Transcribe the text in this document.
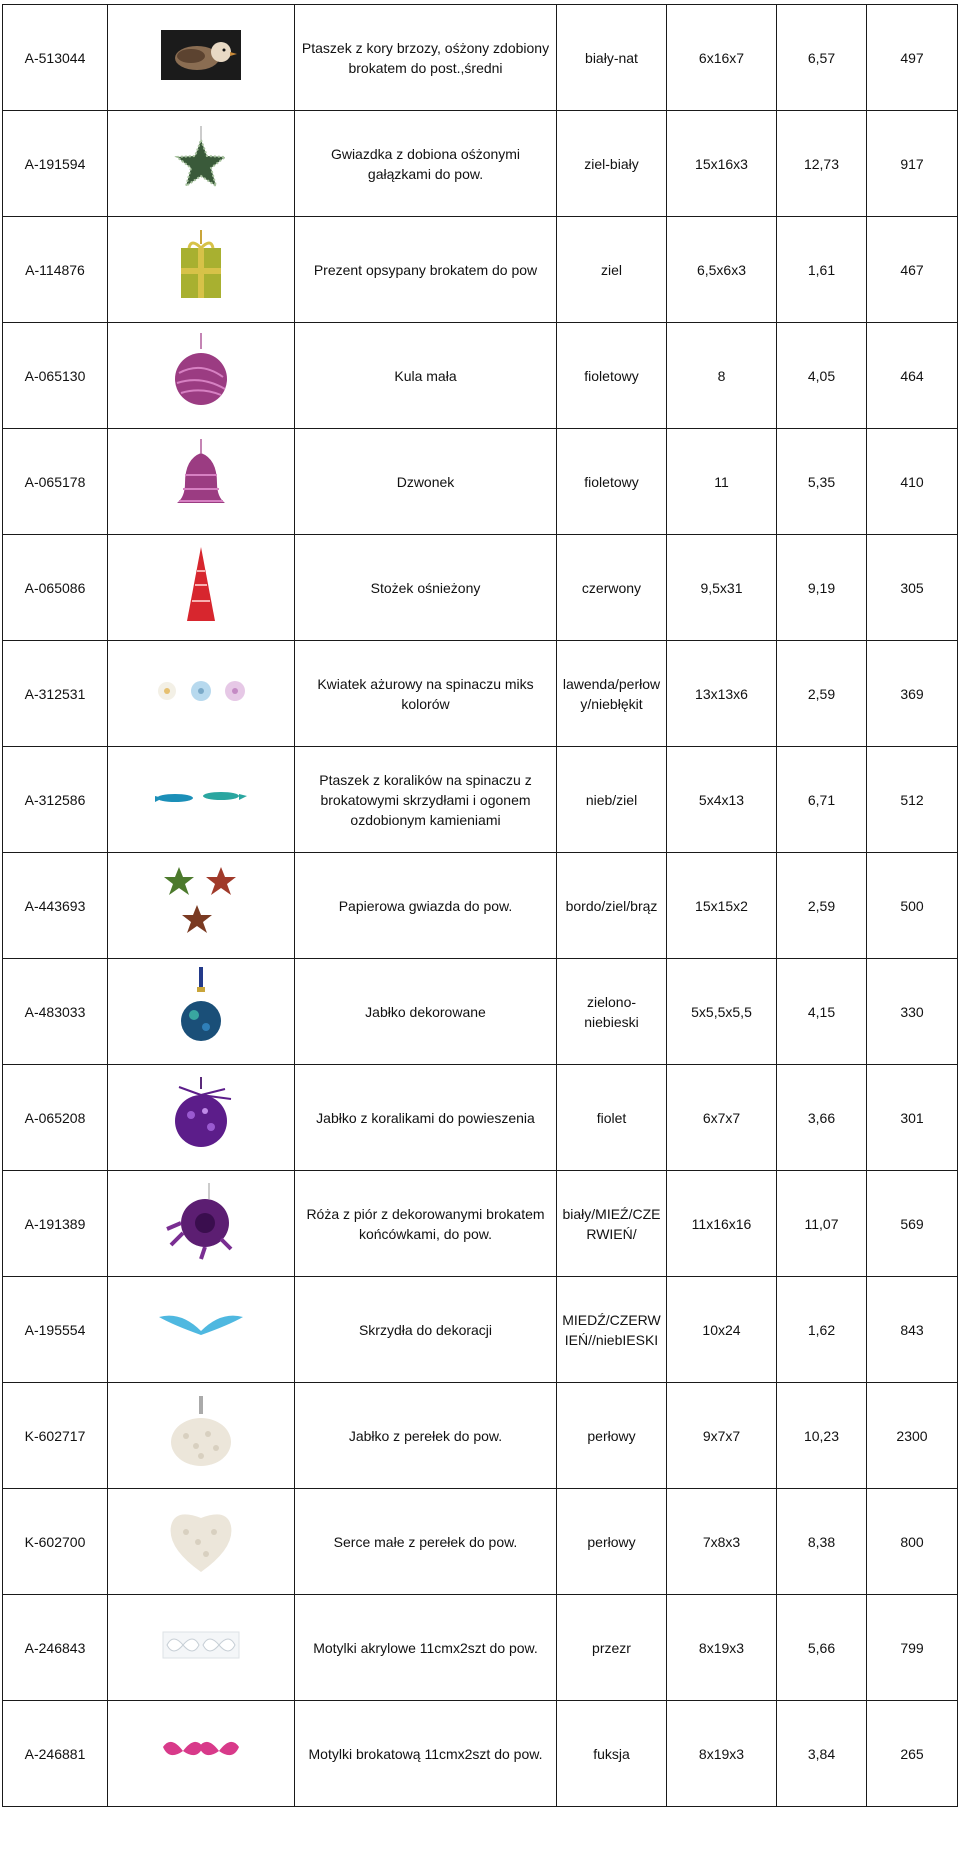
A-513044		Ptaszek z kory brzozy, ośżony zdobiony brokatem do post.,średni	biały-nat	6x16x7	6,57	497
A-191594		Gwiazdka z dobiona ośżonymi gałązkami do pow.	ziel-biały	15x16x3	12,73	917
A-114876		Prezent opsypany brokatem do pow	ziel	6,5x6x3	1,61	467
A-065130		Kula mała	fioletowy	8	4,05	464
A-065178		Dzwonek	fioletowy	11	5,35	410
A-065086		Stożek ośnieżony	czerwony	9,5x31	9,19	305
A-312531		Kwiatek ażurowy na spinaczu miks kolorów	lawenda/perłowy/niebłękit	13x13x6	2,59	369
A-312586		Ptaszek z koralików na spinaczu z brokatowymi skrzydłami i ogonem ozdobionym kamieniami	nieb/ziel	5x4x13	6,71	512
A-443693		Papierowa gwiazda do pow.	bordo/ziel/brąz	15x15x2	2,59	500
A-483033		Jabłko dekorowane	zielono-niebieski	5x5,5x5,5	4,15	330
A-065208		Jabłko z koralikami do powieszenia	fiolet	6x7x7	3,66	301
A-191389		Róża z piór z dekorowanymi brokatem końcówkami, do pow.	biały/MIEŹ/CZERWIEŃ/	11x16x16	11,07	569
A-195554		Skrzydła do dekoracji	MIEDŹ/CZERWIEŃ//niebIESKI	10x24	1,62	843
K-602717		Jabłko z perełek do pow.	perłowy	9x7x7	10,23	2300
K-602700		Serce małe z perełek do pow.	perłowy	7x8x3	8,38	800
A-246843		Motylki akrylowe 11cmx2szt do pow.	przezr	8x19x3	5,66	799
A-246881		Motylki brokatową 11cmx2szt do pow.	fuksja	8x19x3	3,84	265
